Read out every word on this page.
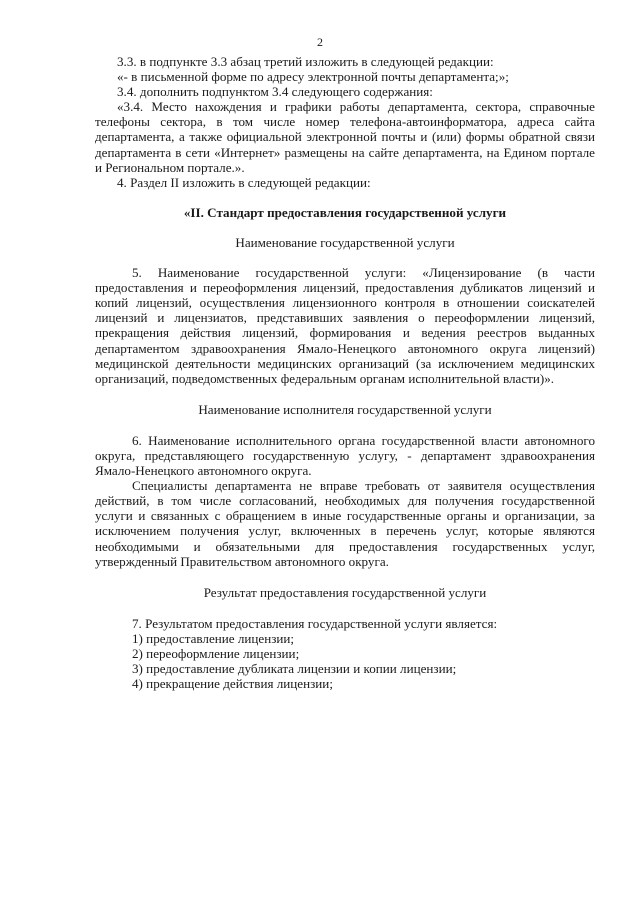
2

3.3. в подпункте 3.3 абзац третий изложить в следующей редакции:

«- в письменной форме по адресу электронной почты департамента;»;

3.4. дополнить подпунктом 3.4 следующего содержания:

«3.4. Место нахождения и графики работы департамента, сектора, справочные телефоны сектора, в том числе номер телефона-автоинформатора, адреса сайта департамента, а также официальной электронной почты и (или) формы обратной связи департамента в сети «Интернет» размещены на сайте департамента, на Едином портале и Региональном портале.».

4. Раздел II изложить в следующей редакции:

«II. Стандарт предоставления государственной услуги

Наименование государственной услуги

5. Наименование государственной услуги: «Лицензирование (в части предоставления и переоформления лицензий, предоставления дубликатов лицензий и копий лицензий, осуществления лицензионного контроля в отношении соискателей лицензий и лицензиатов, представивших заявления о переоформлении лицензий, прекращения действия лицензий, формирования и ведения реестров выданных департаментом здравоохранения Ямало-Ненецкого автономного округа лицензий) медицинской деятельности медицинских организаций (за исключением медицинских организаций, подведомственных федеральным органам исполнительной власти)».

Наименование исполнителя государственной услуги

6. Наименование исполнительного органа государственной власти автономного округа, представляющего государственную услугу, - департамент здравоохранения Ямало-Ненецкого автономного округа.

Специалисты департамента не вправе требовать от заявителя осуществления действий, в том числе согласований, необходимых для получения государственной услуги и связанных с обращением в иные государственные органы и организации, за исключением получения услуг, включенных в перечень услуг, которые являются необходимыми и обязательными для предоставления государственных услуг, утвержденный Правительством автономного округа.

Результат предоставления государственной услуги

7. Результатом предоставления государственной услуги является:

1) предоставление лицензии;

2) переоформление лицензии;

3) предоставление дубликата лицензии и копии лицензии;

4) прекращение действия лицензии;
